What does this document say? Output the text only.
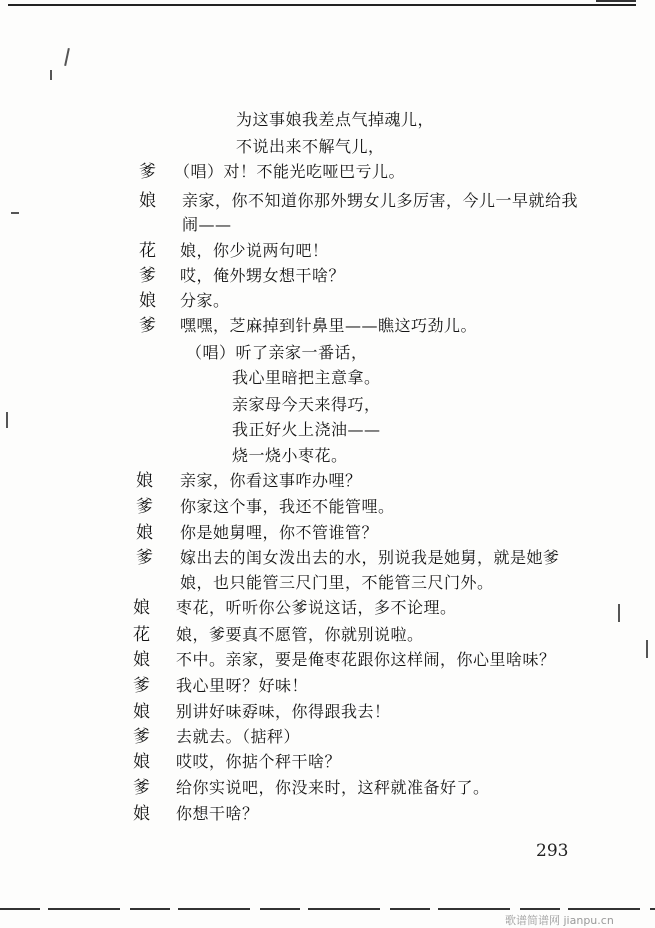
为这事娘我差点气掉魂儿，
不说出来不解气儿，
爹 （唱）对！不能光吃哑巴亏儿。
娘 亲家，你不知道你那外甥女儿多厉害，今儿一早就给我
闹——
花 娘，你少说两句吧！
爹 哎，俺外甥女想干啥？
娘 分家。
爹 嘿嘿，芝麻掉到针鼻里——瞧这巧劲儿。
（唱）听了亲家一番话，
我心里暗把主意拿。
亲家母今天来得巧，
我正好火上浇油——
烧一烧小枣花。
娘 亲家，你看这事咋办哩？
爹 你家这个事，我还不能管哩。
娘 你是她舅哩，你不管谁管？
爹 嫁出去的闺女泼出去的水，别说我是她舅，就是她爹
娘，也只能管三尺门里，不能管三尺门外。
娘 枣花，听听你公爹说这话，多不论理。
花 娘，爹要真不愿管，你就别说啦。
娘 不中。亲家，要是俺枣花跟你这样闹，你心里啥味？
爹 我心里呀？好味！
娘 别讲好味孬味，你得跟我去！
爹 去就去。（掂秤）
娘 哎哎，你掂个秤干啥？
爹 给你实说吧，你没来时，这秤就准备好了。
娘 你想干啥？
293
歌谱简谱网 jianpu.cn
